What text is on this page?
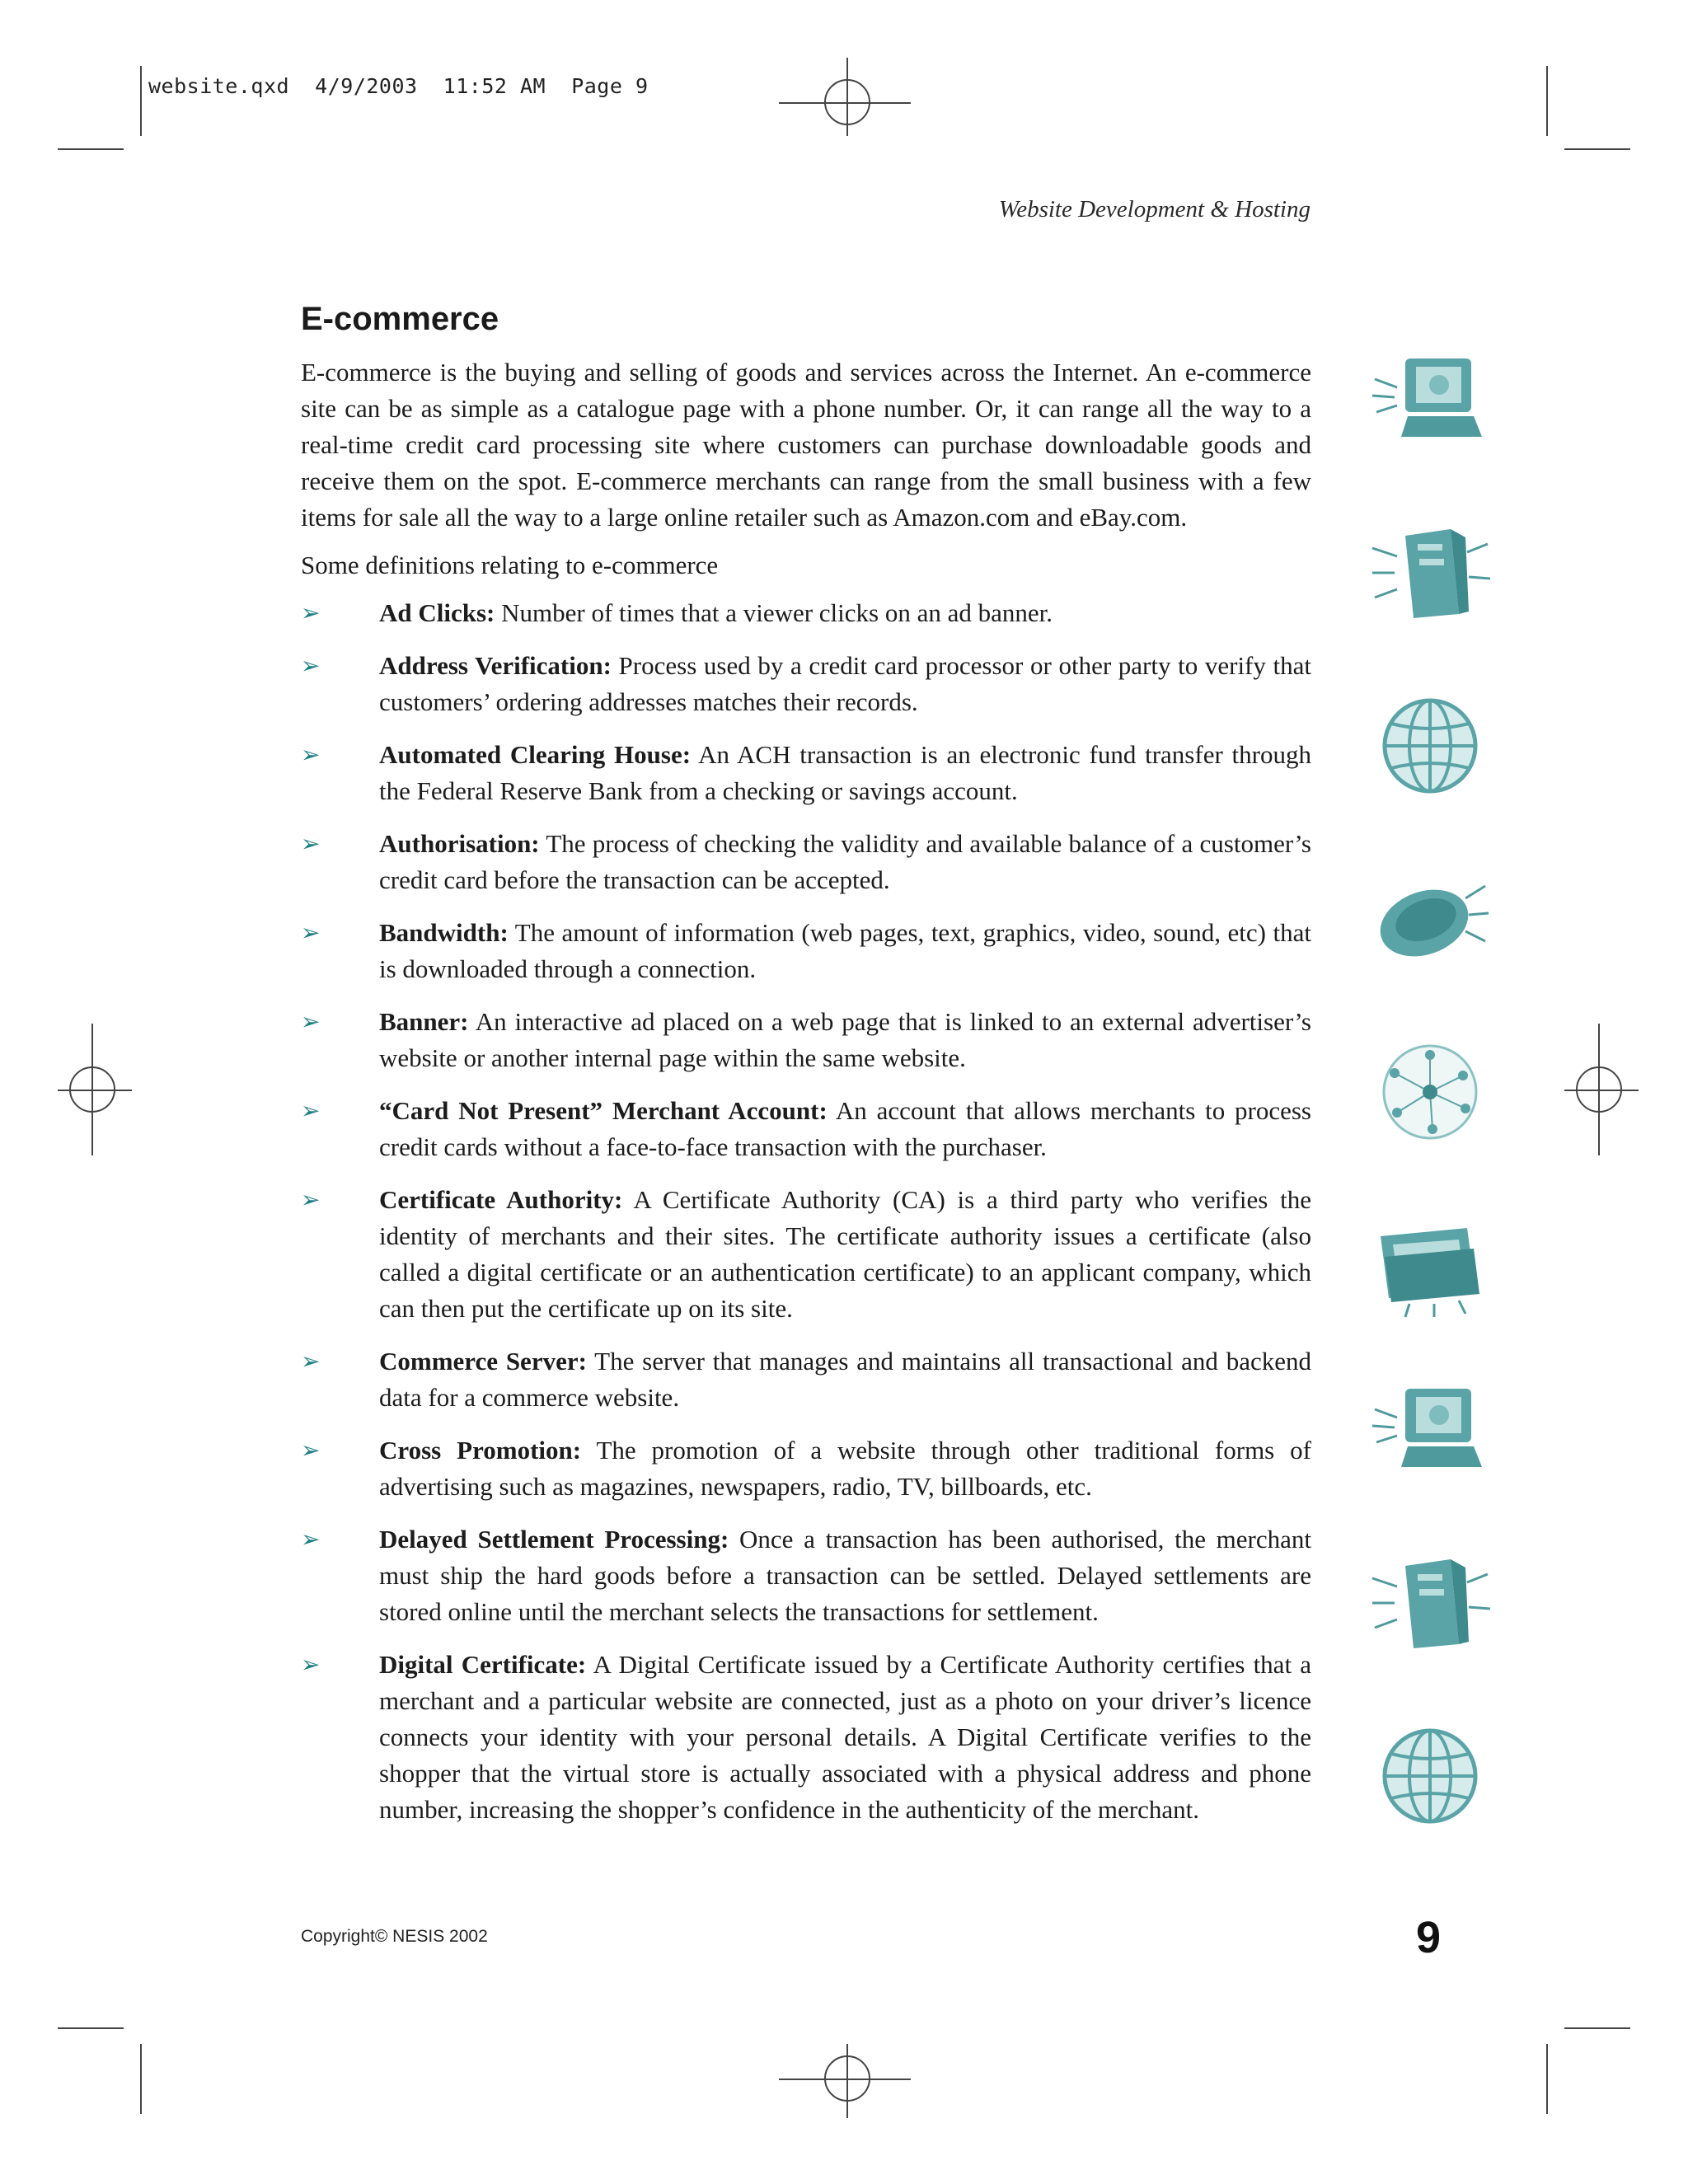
website.qxd  4/9/2003  11:52 AM  Page 9
Website Development & Hosting
E-commerce

E-commerce is the buying and selling of goods and services across the Internet. An e-commerce site can be as simple as a catalogue page with a phone number. Or, it can range all the way to a real-time credit card processing site where customers can purchase downloadable goods and receive them on the spot. E-commerce merchants can range from the small business with a few items for sale all the way to a large online retailer such as Amazon.com and eBay.com.

Some definitions relating to e-commerce

➢ Ad Clicks: Number of times that a viewer clicks on an ad banner.
➢ Address Verification: Process used by a credit card processor or other party to verify that customers’ ordering addresses matches their records.
➢ Automated Clearing House: An ACH transaction is an electronic fund transfer through the Federal Reserve Bank from a checking or savings account.
➢ Authorisation: The process of checking the validity and available balance of a customer’s credit card before the transaction can be accepted.
➢ Bandwidth: The amount of information (web pages, text, graphics, video, sound, etc) that is downloaded through a connection.
➢ Banner: An interactive ad placed on a web page that is linked to an external advertiser’s website or another internal page within the same website.
➢ “Card Not Present” Merchant Account: An account that allows merchants to process credit cards without a face-to-face transaction with the purchaser.
➢ Certificate Authority: A Certificate Authority (CA) is a third party who verifies the identity of merchants and their sites. The certificate authority issues a certificate (also called a digital certificate or an authentication certificate) to an applicant company, which can then put the certificate up on its site.
➢ Commerce Server: The server that manages and maintains all transactional and backend data for a commerce website.
➢ Cross Promotion: The promotion of a website through other traditional forms of advertising such as magazines, newspapers, radio, TV, billboards, etc.
➢ Delayed Settlement Processing: Once a transaction has been authorised, the merchant must ship the hard goods before a transaction can be settled. Delayed settlements are stored online until the merchant selects the transactions for settlement.
➢ Digital Certificate: A Digital Certificate issued by a Certificate Authority certifies that a merchant and a particular website are connected, just as a photo on your driver’s licence connects your identity with your personal details. A Digital Certificate verifies to the shopper that the virtual store is actually associated with a physical address and phone number, increasing the shopper’s confidence in the authenticity of the merchant.
Copyright© NESIS 2002	9
